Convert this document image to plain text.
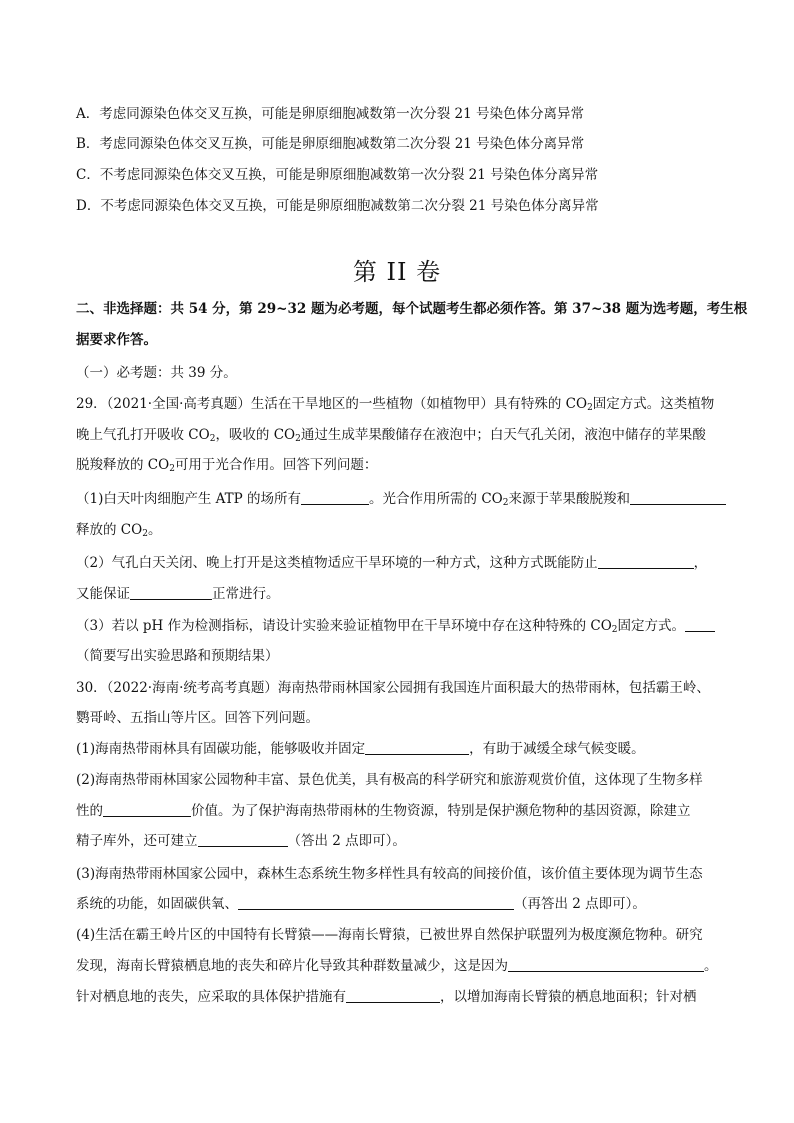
A．考虑同源染色体交叉互换，可能是卵原细胞减数第一次分裂 21 号染色体分离异常
B．考虑同源染色体交叉互换，可能是卵原细胞减数第二次分裂 21 号染色体分离异常
C．不考虑同源染色体交叉互换，可能是卵原细胞减数第一次分裂 21 号染色体分离异常
D．不考虑同源染色体交叉互换，可能是卵原细胞减数第二次分裂 21 号染色体分离异常
第 II 卷
二、非选择题：共 54 分，第 29~32 题为必考题，每个试题考生都必须作答。第 37~38 题为选考题，考生根
据要求作答。
（一）必考题：共 39 分。
29．（2021·全国·高考真题）生活在干旱地区的一些植物（如植物甲）具有特殊的 $CO_2$固定方式。这类植物
晚上气孔打开吸收 $CO_2$，吸收的 $CO_2$通过生成苹果酸储存在液泡中；白天气孔关闭，液泡中储存的苹果酸
脱羧释放的 $CO_2$可用于光合作用。回答下列问题：
（1)白天叶肉细胞产生 ATP 的场所有	。光合作用所需的 $CO_2$来源于苹果酸脱羧和
释放的 $CO_2$。
（2）气孔白天关闭、晚上打开是这类植物适应干旱环境的一种方式，这种方式既能防止	，
又能保证	正常进行。
（3）若以 pH 作为检测指标，请设计实验来验证植物甲在干旱环境中存在这种特殊的 $CO_2$固定方式。
（简要写出实验思路和预期结果）
30．（2022·海南·统考高考真题）海南热带雨林国家公园拥有我国连片面积最大的热带雨林，包括霸王岭、
鹦哥岭、五指山等片区。回答下列问题。
(1)海南热带雨林具有固碳功能，能够吸收并固定	，有助于减缓全球气候变暖。
(2)海南热带雨林国家公园物种丰富、景色优美，具有极高的科学研究和旅游观赏价值，这体现了生物多样
性的	价值。为了保护海南热带雨林的生物资源，特别是保护濒危物种的基因资源，除建立
精子库外，还可建立	（答出 2 点即可）。
(3)海南热带雨林国家公园中，森林生态系统生物多样性具有较高的间接价值，该价值主要体现为调节生态
系统的功能，如固碳供氧、	（再答出 2 点即可）。
(4)生活在霸王岭片区的中国特有长臂猿——海南长臂猿，已被世界自然保护联盟列为极度濒危物种。研究
发现，海南长臂猿栖息地的丧失和碎片化导致其种群数量减少，这是因为	。
针对栖息地的丧失，应采取的具体保护措施有	，以增加海南长臂猿的栖息地面积；针对栖
